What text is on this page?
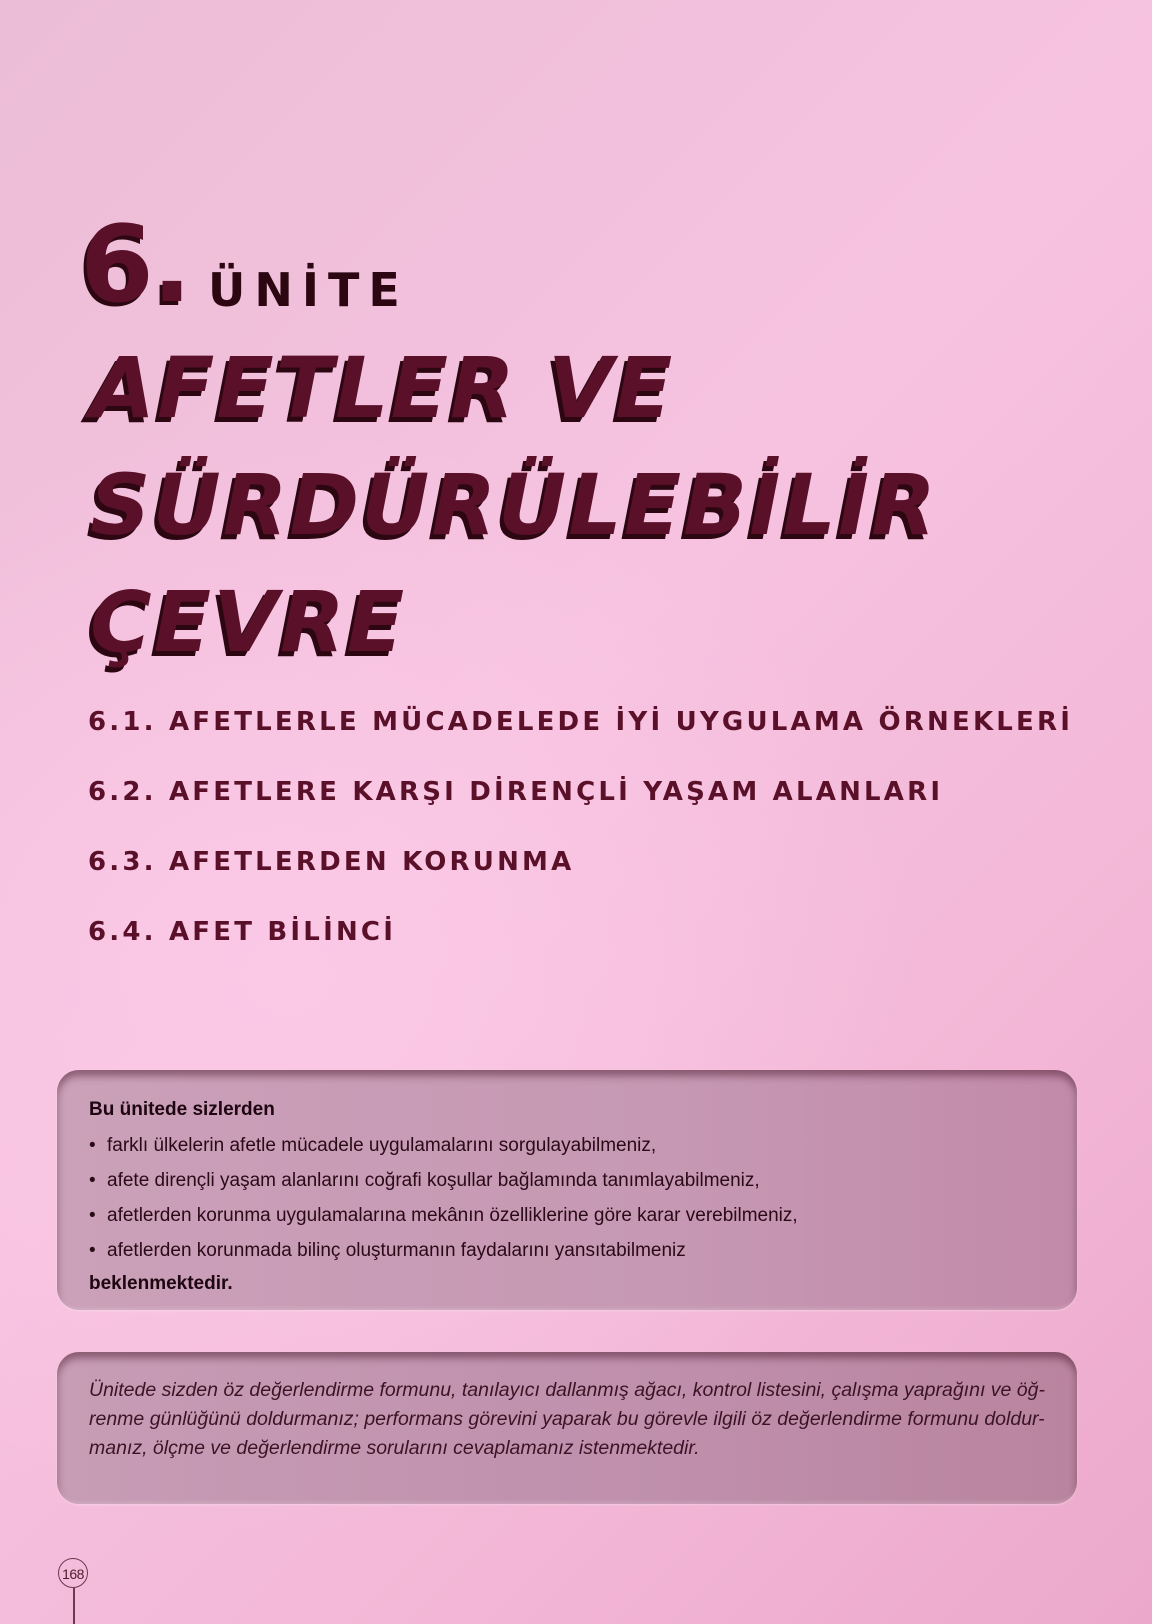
6. ÜNİTE
AFETLER VE
SÜRDÜRÜLEBİLİR
ÇEVRE
6.1. AFETLERLE MÜCADELEDE İYİ UYGULAMA ÖRNEKLERİ
6.2. AFETLERE KARŞI DİRENÇLİ YAŞAM ALANLARI
6.3. AFETLERDEN KORUNMA
6.4. AFET BİLİNCİ

Bu ünitede sizlerden

• farklı ülkelerin afetle mücadele uygulamalarını sorgulayabilmeniz,
• afete dirençli yaşam alanlarını coğrafi koşullar bağlamında tanımlayabilmeniz,
• afetlerden korunma uygulamalarına mekânın özelliklerine göre karar verebilmeniz,
• afetlerden korunmada bilinç oluşturmanın faydalarını yansıtabilmeniz

beklenmektedir.

Ünitede sizden öz değerlendirme formunu, tanılayıcı dallanmış ağacı, kontrol listesini, çalışma yaprağını ve öğ-
renme günlüğünü doldurmanız; performans görevini yaparak bu görevle ilgili öz değerlendirme formunu doldur-
manız, ölçme ve değerlendirme sorularını cevaplamanız istenmektedir.

168
